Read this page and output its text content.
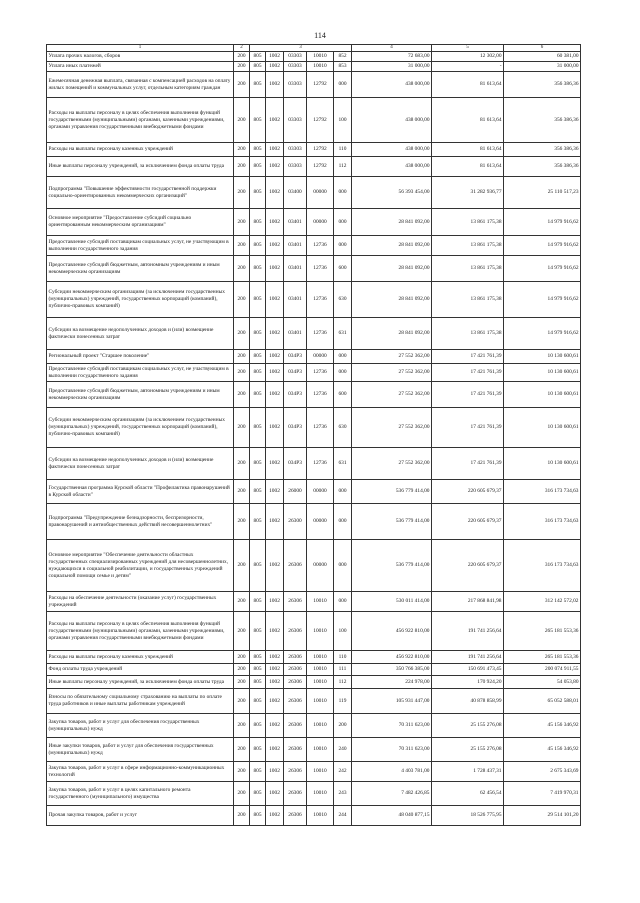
114
1	2	3					4	5	6
Уплата прочих налогов, сборов	200	805	1002	03303	10010	852	72 683,00	12 302,00	60 381,00
Уплата иных платежей	200	805	1002	03303	10010	853	31 000,00	-	31 000,00
Ежемесячная денежная выплата, связанная с компенсацией расходов на оплату жилых помещений и коммунальных услуг, отдельным категориям граждан	200	805	1002	03303	12792	000	438 000,00	81 613,64	356 386,36
Расходы на выплаты персоналу в целях обеспечения выполнения функций государственными (муниципальными) органами, казенными учреждениями, органами управления государственными внебюджетными фондами	200	805	1002	03303	12792	100	438 000,00	81 613,64	356 386,36
Расходы на выплаты персоналу казенных учреждений	200	805	1002	03303	12792	110	438 000,00	81 613,64	356 386,36
Иные выплаты персоналу учреждений, за исключением фонда оплаты труда	200	805	1002	03303	12792	112	438 000,00	81 613,64	356 386,36
Подпрограмма "Повышение эффективности государственной поддержки социально-ориентированных некоммерческих организаций"	200	805	1002	03400	00000	000	56 393 454,00	31 282 936,77	25 110 517,23
Основное мероприятие "Предоставление субсидий социально ориентированным некоммерческим организациям"	200	805	1002	03401	00000	000	28 841 092,00	13 861 175,38	14 979 916,62
Предоставление субсидий поставщикам социальных услуг, не участвующим в выполнении государственного задания	200	805	1002	03401	12736	000	28 841 092,00	13 861 175,38	14 979 916,62
Предоставление субсидий бюджетным, автономным учреждениям и иным некоммерческим организациям	200	805	1002	03401	12736	600	28 841 092,00	13 861 175,38	14 979 916,62
Субсидии некоммерческим организациям (за исключением государственных (муниципальных) учреждений, государственных корпораций (компаний), публично-правовых компаний)	200	805	1002	03401	12736	630	28 841 092,00	13 861 175,38	14 979 916,62
Субсидии на возмещение недополученных доходов и (или) возмещение фактически понесенных затрат	200	805	1002	03401	12736	631	28 841 092,00	13 861 175,38	14 979 916,62
Региональный проект "Старшее поколение"	200	805	1002	034P3	00000	000	27 552 362,00	17 421 761,39	10 130 600,61
Предоставление субсидий поставщикам социальных услуг, не участвующим в выполнении государственного задания	200	805	1002	034P3	12736	000	27 552 362,00	17 421 761,39	10 130 600,61
Предоставление субсидий бюджетным, автономным учреждениям и иным некоммерческим организациям	200	805	1002	034P3	12736	600	27 552 362,00	17 421 761,39	10 130 600,61
Субсидии некоммерческим организациям (за исключением государственных (муниципальных) учреждений, государственных корпораций (компаний), публично-правовых компаний)	200	805	1002	034P3	12736	630	27 552 362,00	17 421 761,39	10 130 600,61
Субсидии на возмещение недополученных доходов и (или) возмещение фактически понесенных затрат	200	805	1002	034P3	12736	631	27 552 362,00	17 421 761,39	10 130 600,61
Государственная программа Курской области "Профилактика правонарушений в Курской области"	200	805	1002	26000	00000	000	536 779 414,00	220 605 679,37	316 173 734,63
Подпрограмма "Предупреждение безнадзорности, беспризорности, правонарушений и антиобщественных действий несовершеннолетних"	200	805	1002	26300	00000	000	536 779 414,00	220 605 679,37	316 173 734,63
Основное мероприятие "Обеспечение деятельности областных государственных специализированных учреждений для несовершеннолетних, нуждающихся в социальной реабилитации, и государственных учреждений социальной помощи семье и детям"	200	805	1002	26306	00000	000	536 779 414,00	220 605 679,37	316 173 734,63
Расходы на обеспечение деятельности (оказание услуг) государственных учреждений	200	805	1002	26306	10010	000	530 011 414,00	217 868 841,98	312 142 572,02
Расходы на выплаты персоналу в целях обеспечения выполнения функций государственными (муниципальными) органами, казенными учреждениями, органами управления государственными внебюджетными фондами	200	805	1002	26306	10010	100	456 922 810,00	191 741 256,64	265 181 553,36
Расходы на выплаты персоналу казенных учреждений	200	805	1002	26306	10010	110	456 922 810,00	191 741 256,64	265 181 553,36
Фонд оплаты труда учреждений	200	805	1002	26306	10010	111	350 766 385,00	150 691 473,45	200 074 911,55
Иные выплаты персоналу учреждений, за исключением фонда оплаты труда	200	805	1002	26306	10010	112	224 978,00	170 924,20	54 053,80
Взносы по обязательному социальному страхованию на выплаты по оплате труда работников и иные выплаты работникам учреждений	200	805	1002	26306	10010	119	105 931 447,00	40 878 858,99	65 052 588,01
Закупка товаров, работ и услуг для обеспечения государственных (муниципальных) нужд	200	805	1002	26306	10010	200	70 311 623,00	25 155 276,08	45 156 346,92
Иные закупки товаров, работ и услуг для обеспечения государственных (муниципальных) нужд	200	805	1002	26306	10010	240	70 311 623,00	25 155 276,08	45 156 346,92
Закупка товаров, работ и услуг в сфере информационно-коммуникационных технологий	200	805	1002	26306	10010	242	4 403 781,00	1 728 437,31	2 675 343,69
Закупка товаров, работ и услуг в целях капитального ремонта государственного (муниципального) имущества	200	805	1002	26306	10010	243	7 482 426,85	62 456,54	7 419 970,31
Прочая закупка товаров, работ и услуг	200	805	1002	26306	10010	244	48 040 877,15	18 526 775,95	29 514 101,20
